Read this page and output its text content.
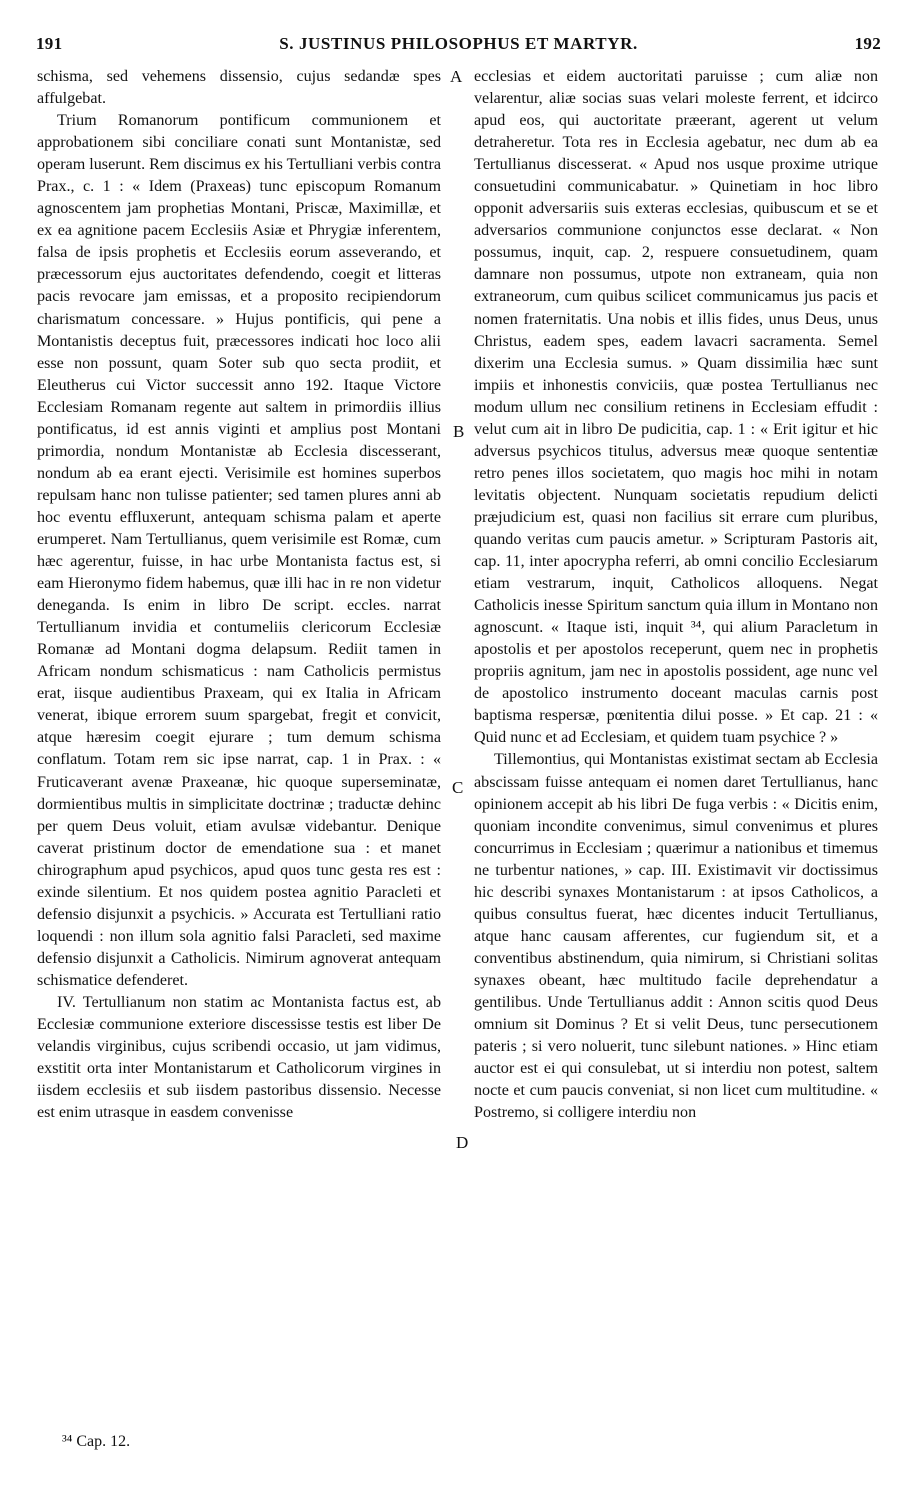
191	S. JUSTINUS PHILOSOPHUS ET MARTYR.	192
A
B
C
D

schisma, sed vehemens dissensio, cujus sedandæ spes affulgebat.

Trium Romanorum pontificum communionem et approbationem sibi conciliare conati sunt Montanistæ, sed operam luserunt. Rem discimus ex his Tertulliani verbis contra Prax., c. 1 : « Idem (Praxeas) tunc episcopum Romanum agnoscentem jam prophetias Montani, Priscæ, Maximillæ, et ex ea agnitione pacem Ecclesiis Asiæ et Phrygiæ inferentem, falsa de ipsis prophetis et Ecclesiis eorum asseverando, et præcessorum ejus auctoritates defendendo, coegit et litteras pacis revocare jam emissas, et a proposito recipiendorum charismatum concessare. » Hujus pontificis, qui pene a Montanistis deceptus fuit, præcessores indicati hoc loco alii esse non possunt, quam Soter sub quo secta prodiit, et Eleutherus cui Victor successit anno 192. Itaque Victore Ecclesiam Romanam regente aut saltem in primordiis illius pontificatus, id est annis viginti et amplius post Montani primordia, nondum Montanistæ ab Ecclesia discesserant, nondum ab ea erant ejecti. Verisimile est homines superbos repulsam hanc non tulisse patienter; sed tamen plures anni ab hoc eventu effluxerunt, antequam schisma palam et aperte erumperet. Nam Tertullianus, quem verisimile est Romæ, cum hæc agerentur, fuisse, in hac urbe Montanista factus est, si eam Hieronymo fidem habemus, quæ illi hac in re non videtur deneganda. Is enim in libro De script. eccles. narrat Tertullianum invidia et contumeliis clericorum Ecclesiæ Romanæ ad Montani dogma delapsum. Rediit tamen in Africam nondum schismaticus : nam Catholicis permistus erat, iisque audientibus Praxeam, qui ex Italia in Africam venerat, ibique errorem suum spargebat, fregit et convicit, atque hæresim coegit ejurare ; tum demum schisma conflatum. Totam rem sic ipse narrat, cap. 1 in Prax. : « Fruticaverant avenæ Praxeanæ, hic quoque superseminatæ, dormientibus multis in simplicitate doctrinæ ; traductæ dehinc per quem Deus voluit, etiam avulsæ videbantur. Denique caverat pristinum doctor de emendatione sua : et manet chirographum apud psychicos, apud quos tunc gesta res est : exinde silentium. Et nos quidem postea agnitio Paracleti et defensio disjunxit a psychicis. » Accurata est Tertulliani ratio loquendi : non illum sola agnitio falsi Paracleti, sed maxime defensio disjunxit a Catholicis. Nimirum agnoverat antequam schismatice defenderet.

IV. Tertullianum non statim ac Montanista factus est, ab Ecclesiæ communione exteriore discessisse testis est liber De velandis virginibus, cujus scribendi occasio, ut jam vidimus, exstitit orta inter Montanistarum et Catholicorum virgines in iisdem ecclesiis et sub iisdem pastoribus dissensio. Necesse est enim utrasque in easdem convenisse

ecclesias et eidem auctoritati paruisse ; cum aliæ non velarentur, aliæ socias suas velari moleste ferrent, et idcirco apud eos, qui auctoritate præerant, agerent ut velum detraheretur. Tota res in Ecclesia agebatur, nec dum ab ea Tertullianus discesserat. « Apud nos usque proxime utrique consuetudini communicabatur. » Quinetiam in hoc libro opponit adversariis suis exteras ecclesias, quibuscum et se et adversarios communione conjunctos esse declarat. « Non possumus, inquit, cap. 2, respuere consuetudinem, quam damnare non possumus, utpote non extraneam, quia non extraneorum, cum quibus scilicet communicamus jus pacis et nomen fraternitatis. Una nobis et illis fides, unus Deus, unus Christus, eadem spes, eadem lavacri sacramenta. Semel dixerim una Ecclesia sumus. » Quam dissimilia hæc sunt impiis et inhonestis conviciis, quæ postea Tertullianus nec modum ullum nec consilium retinens in Ecclesiam effudit : velut cum ait in libro De pudicitia, cap. 1 : « Erit igitur et hic adversus psychicos titulus, adversus meæ quoque sententiæ retro penes illos societatem, quo magis hoc mihi in notam levitatis objectent. Nunquam societatis repudium delicti præjudicium est, quasi non facilius sit errare cum pluribus, quando veritas cum paucis ametur. » Scripturam Pastoris ait, cap. 11, inter apocrypha referri, ab omni concilio Ecclesiarum etiam vestrarum, inquit, Catholicos alloquens. Negat Catholicis inesse Spiritum sanctum quia illum in Montano non agnoscunt. « Itaque isti, inquit ³⁴, qui alium Paracletum in apostolis et per apostolos receperunt, quem nec in prophetis propriis agnitum, jam nec in apostolis possident, age nunc vel de apostolico instrumento doceant maculas carnis post baptisma respersæ, pœnitentia dilui posse. » Et cap. 21 : « Quid nunc et ad Ecclesiam, et quidem tuam psychice ? »

Tillemontius, qui Montanistas existimat sectam ab Ecclesia abscissam fuisse antequam ei nomen daret Tertullianus, hanc opinionem accepit ab his libri De fuga verbis : « Dicitis enim, quoniam incondite convenimus, simul convenimus et plures concurrimus in Ecclesiam ; quærimur a nationibus et timemus ne turbentur nationes, » cap. III. Existimavit vir doctissimus hic describi synaxes Montanistarum : at ipsos Catholicos, a quibus consultus fuerat, hæc dicentes inducit Tertullianus, atque hanc causam afferentes, cur fugiendum sit, et a conventibus abstinendum, quia nimirum, si Christiani solitas synaxes obeant, hæc multitudo facile deprehendatur a gentilibus. Unde Tertullianus addit : Annon scitis quod Deus omnium sit Dominus ? Et si velit Deus, tunc persecutionem pateris ; si vero noluerit, tunc silebunt nationes. » Hinc etiam auctor est ei qui consulebat, ut si interdiu non potest, saltem nocte et cum paucis conveniat, si non licet cum multitudine. « Postremo, si colligere interdiu non

³⁴ Cap. 12.
